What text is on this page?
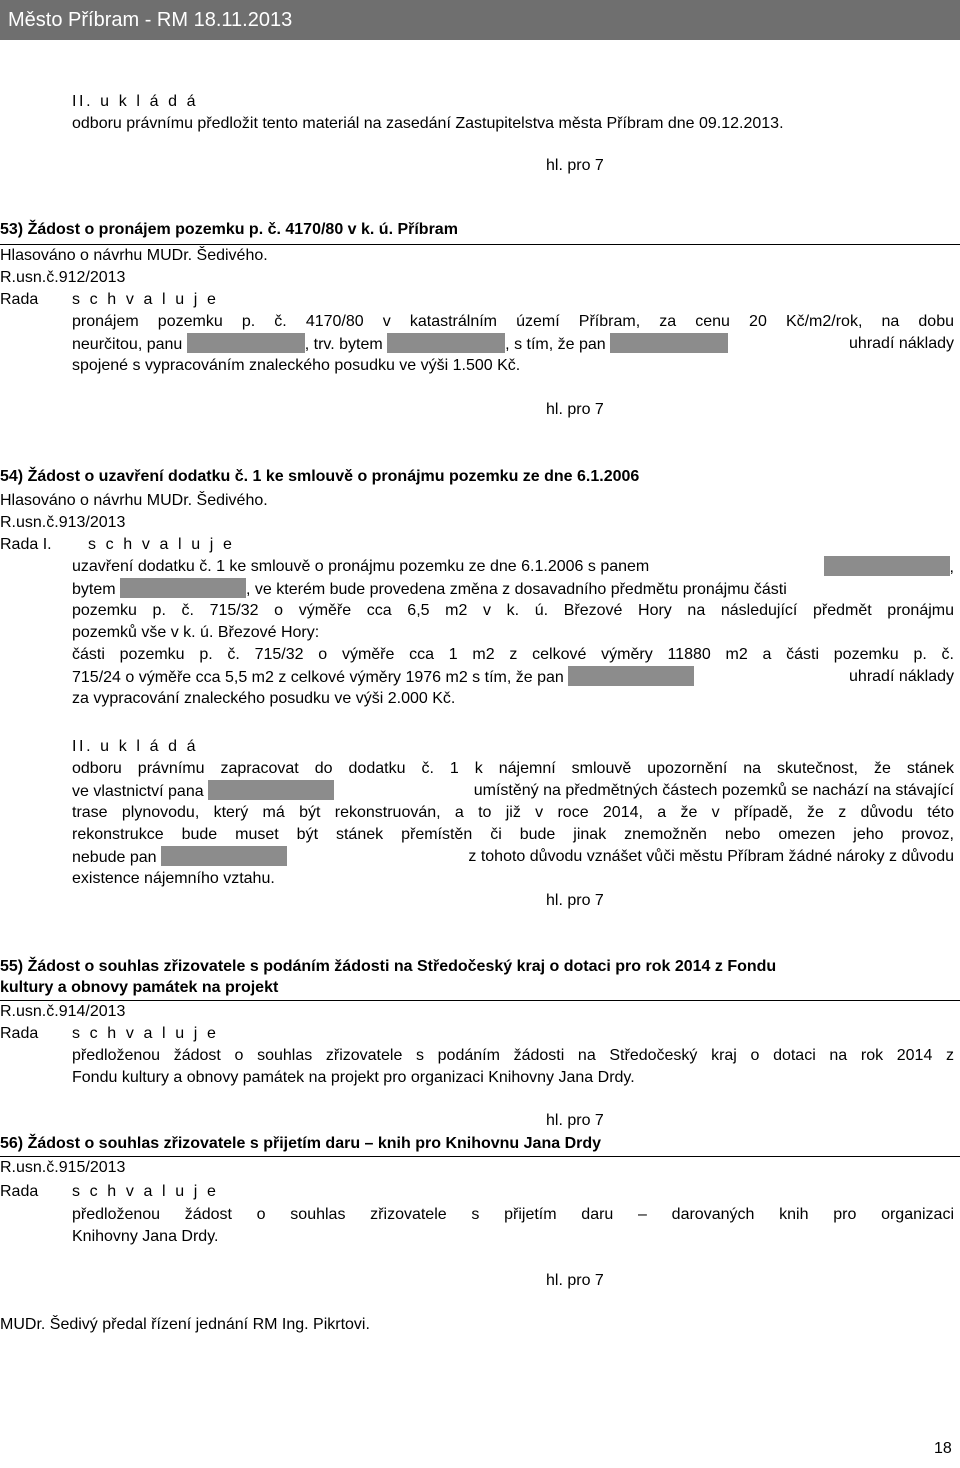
Město Příbram - RM 18.11.2013
II. u k l á d á
odboru právnímu předložit tento materiál na zasedání Zastupitelstva města Příbram dne 09.12.2013.
hl. pro 7
53) Žádost o pronájem pozemku p. č. 4170/80 v k. ú. Příbram
Hlasováno o návrhu MUDr. Šedivého.
R.usn.č.912/2013
Rada s c h v a l u j e
pronájem pozemku p. č. 4170/80 v katastrálním území Příbram, za cenu 20 Kč/m2/rok, na dobu
neurčitou, panu	, trv. bytem	, s tím, že pan	uhradí náklady
spojené s vypracováním znaleckého posudku ve výši 1.500 Kč.
hl. pro 7
54) Žádost o uzavření dodatku č. 1 ke smlouvě o pronájmu pozemku ze dne 6.1.2006
Hlasováno o návrhu MUDr. Šedivého.
R.usn.č.913/2013
Rada I. s c h v a l u j e
uzavření dodatku č. 1 ke smlouvě o pronájmu pozemku ze dne 6.1.2006 s panem	,
bytem	, ve kterém bude provedena změna z dosavadního předmětu pronájmu části
pozemku p. č. 715/32 o výměře cca 6,5 m2 v k. ú. Březové Hory na následující předmět pronájmu
pozemků vše v k. ú. Březové Hory:
části pozemku p. č. 715/32 o výměře cca 1 m2 z celkové výměry 11880 m2 a části pozemku p. č.
715/24 o výměře cca 5,5 m2 z celkové výměry 1976 m2 s tím, že pan	uhradí náklady
za vypracování znaleckého posudku ve výši 2.000 Kč.
II. u k l á d á
odboru právnímu zapracovat do dodatku č. 1 k nájemní smlouvě upozornění na skutečnost, že stánek
ve vlastnictví pana	umístěný na předmětných částech pozemků se nachází na stávající
trase plynovodu, který má být rekonstruován, a to již v roce 2014, a že v případě, že z důvodu této
rekonstrukce bude muset být stánek přemístěn či bude jinak znemožněn nebo omezen jeho provoz,
nebude pan	z tohoto důvodu vznášet vůči městu Příbram žádné nároky z důvodu
existence nájemního vztahu.
hl. pro 7
55) Žádost o souhlas zřizovatele s podáním žádosti na Středočeský kraj o dotaci pro rok 2014 z Fondu
kultury a obnovy památek na projekt
R.usn.č.914/2013
Rada s c h v a l u j e
předloženou žádost o souhlas zřizovatele s podáním žádosti na Středočeský kraj o dotaci na rok 2014 z
Fondu kultury a obnovy památek na projekt pro organizaci Knihovny Jana Drdy.
hl. pro 7
56) Žádost o souhlas zřizovatele s přijetím daru – knih pro Knihovnu Jana Drdy
R.usn.č.915/2013
Rada s c h v a l u j e
předloženou žádost o souhlas zřizovatele s přijetím daru – darovaných knih pro organizaci
Knihovny Jana Drdy.
hl. pro 7
MUDr. Šedivý předal řízení jednání RM Ing. Pikrtovi.
18
